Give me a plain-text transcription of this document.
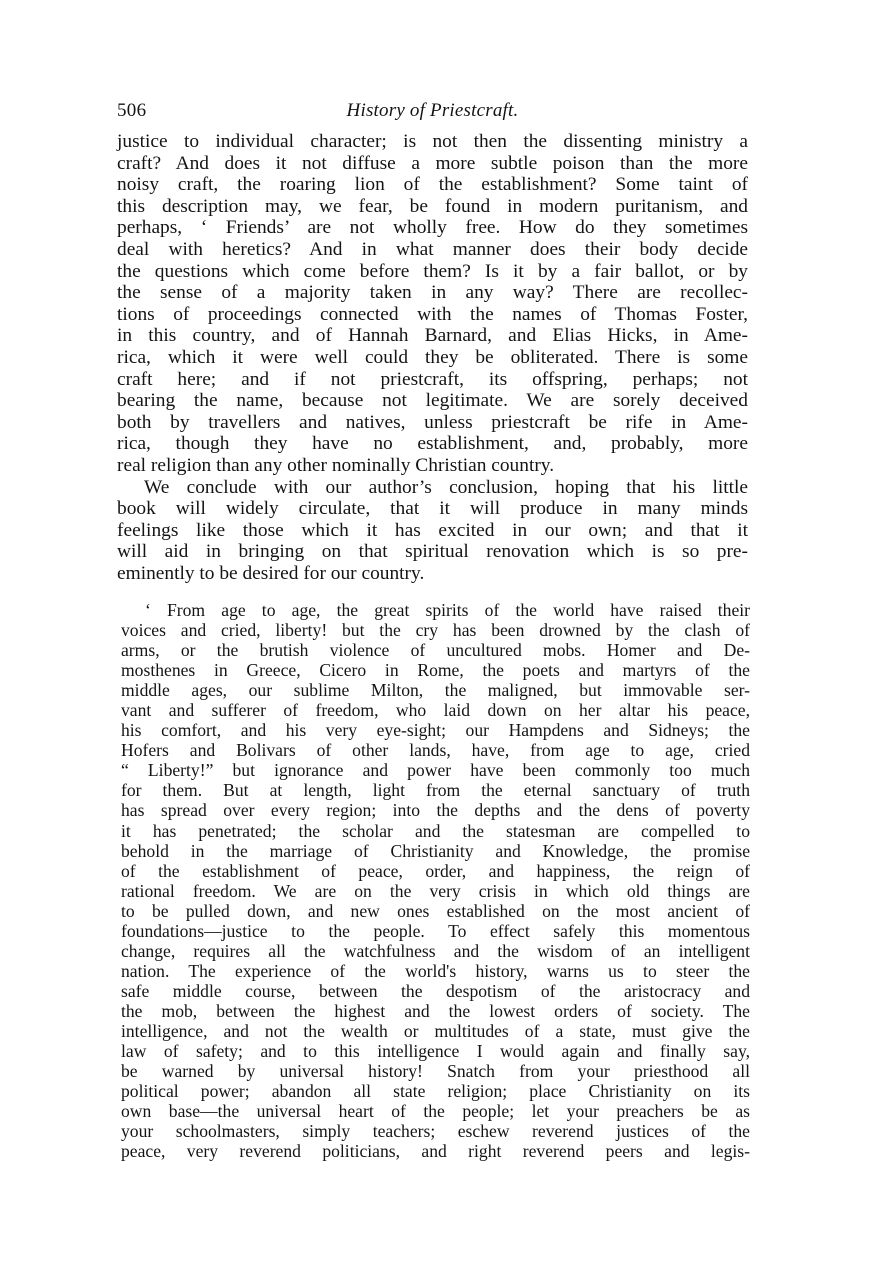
506	History of Priestcraft.
justice to individual character; is not then the dissenting ministry a
craft? And does it not diffuse a more subtle poison than the more
noisy craft, the roaring lion of the establishment? Some taint of
this description may, we fear, be found in modern puritanism, and
perhaps, ‘ Friends’ are not wholly free. How do they sometimes
deal with heretics? And in what manner does their body decide
the questions which come before them? Is it by a fair ballot, or by
the sense of a majority taken in any way? There are recollec-
tions of proceedings connected with the names of Thomas Foster,
in this country, and of Hannah Barnard, and Elias Hicks, in Ame-
rica, which it were well could they be obliterated. There is some
craft here; and if not priestcraft, its offspring, perhaps; not
bearing the name, because not legitimate. We are sorely deceived
both by travellers and natives, unless priestcraft be rife in Ame-
rica, though they have no establishment, and, probably, more
real religion than any other nominally Christian country.
We conclude with our author’s conclusion, hoping that his little
book will widely circulate, that it will produce in many minds
feelings like those which it has excited in our own; and that it
will aid in bringing on that spiritual renovation which is so pre-
eminently to be desired for our country.
‘ From age to age, the great spirits of the world have raised their
voices and cried, liberty! but the cry has been drowned by the clash of
arms, or the brutish violence of uncultured mobs. Homer and De-
mosthenes in Greece, Cicero in Rome, the poets and martyrs of the
middle ages, our sublime Milton, the maligned, but immovable ser-
vant and sufferer of freedom, who laid down on her altar his peace,
his comfort, and his very eye-sight; our Hampdens and Sidneys; the
Hofers and Bolivars of other lands, have, from age to age, cried
“ Liberty!” but ignorance and power have been commonly too much
for them. But at length, light from the eternal sanctuary of truth
has spread over every region; into the depths and the dens of poverty
it has penetrated; the scholar and the statesman are compelled to
behold in the marriage of Christianity and Knowledge, the promise
of the establishment of peace, order, and happiness, the reign of
rational freedom. We are on the very crisis in which old things are
to be pulled down, and new ones established on the most ancient of
foundations—justice to the people. To effect safely this momentous
change, requires all the watchfulness and the wisdom of an intelligent
nation. The experience of the world's history, warns us to steer the
safe middle course, between the despotism of the aristocracy and
the mob, between the highest and the lowest orders of society. The
intelligence, and not the wealth or multitudes of a state, must give the
law of safety; and to this intelligence I would again and finally say,
be warned by universal history! Snatch from your priesthood all
political power; abandon all state religion; place Christianity on its
own base—the universal heart of the people; let your preachers be as
your schoolmasters, simply teachers; eschew reverend justices of the
peace, very reverend politicians, and right reverend peers and legis-
